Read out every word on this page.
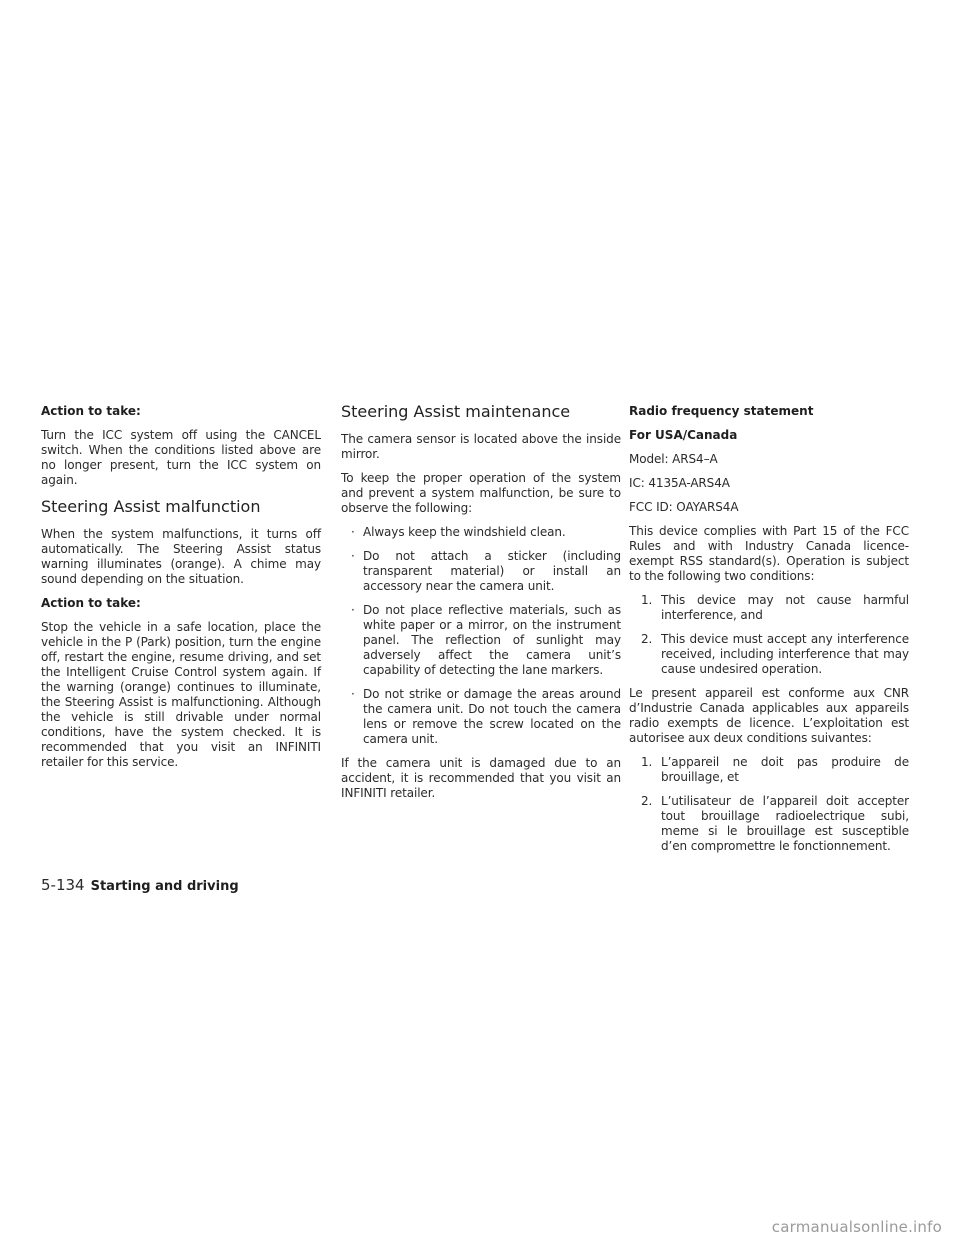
Action to take:
Turn the ICC system off using the CANCEL switch. When the conditions listed above are no longer present, turn the ICC system on again.
Steering Assist malfunction
When the system malfunctions, it turns off automatically. The Steering Assist status warning illuminates (orange). A chime may sound depending on the situation.
Action to take:
Stop the vehicle in a safe location, place the vehicle in the P (Park) position, turn the engine off, restart the engine, resume driving, and set the Intelligent Cruise Control system again. If the warning (orange) continues to illuminate, the Steering Assist is malfunctioning. Although the vehicle is still drivable under normal conditions, have the system checked. It is recommended that you visit an INFINITI retailer for this service.
Steering Assist maintenance
The camera sensor is located above the inside mirror.
To keep the proper operation of the system and prevent a system malfunction, be sure to observe the following:
· Always keep the windshield clean.
· Do not attach a sticker (including transparent material) or install an accessory near the camera unit.
· Do not place reflective materials, such as white paper or a mirror, on the instrument panel. The reflection of sunlight may adversely affect the camera unit’s capability of detecting the lane markers.
· Do not strike or damage the areas around the camera unit. Do not touch the camera lens or remove the screw located on the camera unit.
If the camera unit is damaged due to an accident, it is recommended that you visit an INFINITI retailer.
Radio frequency statement
For USA/Canada
Model: ARS4–A
IC: 4135A-ARS4A
FCC ID: OAYARS4A
This device complies with Part 15 of the FCC Rules and with Industry Canada licence-exempt RSS standard(s). Operation is subject to the following two conditions:
1. This device may not cause harmful interference, and
2. This device must accept any interference received, including interference that may cause undesired operation.
Le present appareil est conforme aux CNR d’Industrie Canada applicables aux appareils radio exempts de licence. L’exploitation est autorisee aux deux conditions suivantes:
1. L’appareil ne doit pas produire de brouillage, et
2. L’utilisateur de l’appareil doit accepter tout brouillage radioelectrique subi, meme si le brouillage est susceptible d’en compromettre le fonctionnement.
5-134 Starting and driving
carmanualsonline.info
